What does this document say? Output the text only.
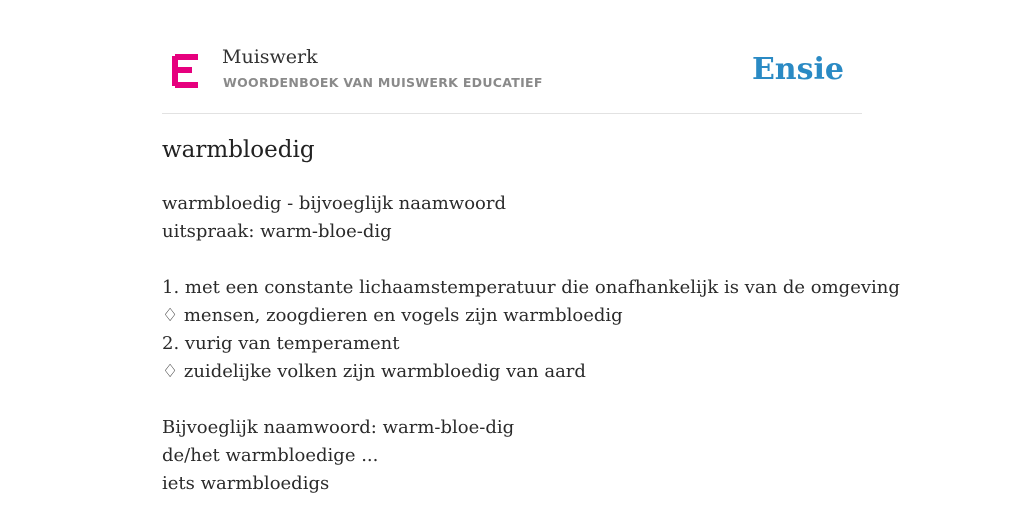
Muiswerk
WOORDENBOEK VAN MUISWERK EDUCATIEF	Ensie
warmbloedig
warmbloedig - bijvoeglijk naamwoord
uitspraak: warm-bloe-dig
1. met een constante lichaamstemperatuur die onafhankelijk is van de omgeving
♢ mensen, zoogdieren en vogels zijn warmbloedig
2. vurig van temperament
♢ zuidelijke volken zijn warmbloedig van aard
Bijvoeglijk naamwoord: warm-bloe-dig
de/het warmbloedige ...
iets warmbloedigs
